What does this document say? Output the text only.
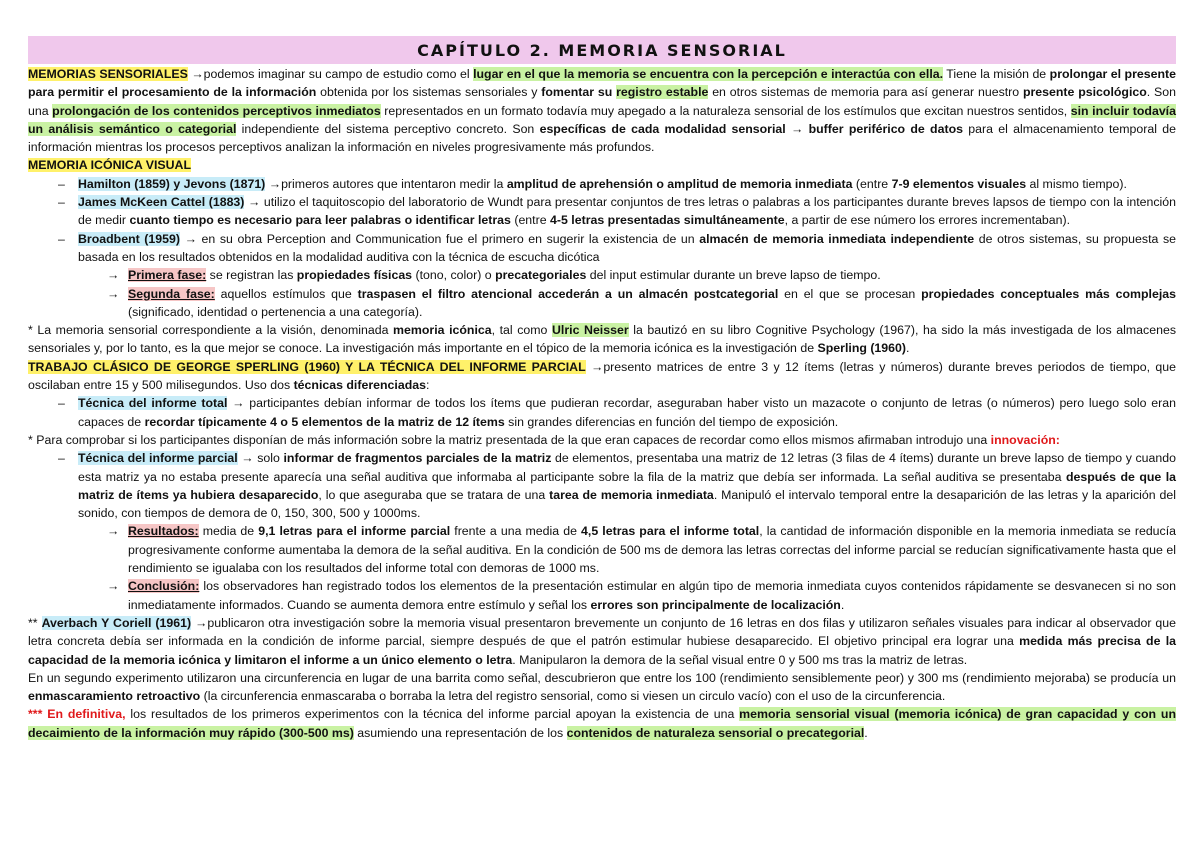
CAPÍTULO 2. MEMORIA SENSORIAL

MEMORIAS SENSORIALES →podemos imaginar su campo de estudio como el lugar en el que la memoria se encuentra con la percepción e interactúa con ella. Tiene la misión de prolongar el presente para permitir el procesamiento de la información obtenida por los sistemas sensoriales y fomentar su registro estable en otros sistemas de memoria para así generar nuestro presente psicológico. Son una prolongación de los contenidos perceptivos inmediatos representados en un formato todavía muy apegado a la naturaleza sensorial de los estímulos que excitan nuestros sentidos, sin incluir todavía un análisis semántico o categorial independiente del sistema perceptivo concreto. Son específicas de cada modalidad sensorial → buffer periférico de datos para el almacenamiento temporal de información mientras los procesos perceptivos analizan la información en niveles progresivamente más profundos.

MEMORIA ICÓNICA VISUAL

– Hamilton (1859) y Jevons (1871) →primeros autores que intentaron medir la amplitud de aprehensión o amplitud de memoria inmediata (entre 7-9 elementos visuales al mismo tiempo).

– James McKeen Cattel (1883) → utilizo el taquitoscopio del laboratorio de Wundt para presentar conjuntos de tres letras o palabras a los participantes durante breves lapsos de tiempo con la intención de medir cuanto tiempo es necesario para leer palabras o identificar letras (entre 4-5 letras presentadas simultáneamente, a partir de ese número los errores incrementaban).

– Broadbent (1959) → en su obra Perception and Communication fue el primero en sugerir la existencia de un almacén de memoria inmediata independiente de otros sistemas, su propuesta se basada en los resultados obtenidos en la modalidad auditiva con la técnica de escucha dicótica

→ Primera fase: se registran las propiedades físicas (tono, color) o precategoriales del input estimular durante un breve lapso de tiempo.

→ Segunda fase: aquellos estímulos que traspasen el filtro atencional accederán a un almacén postcategorial en el que se procesan propiedades conceptuales más complejas (significado, identidad o pertenencia a una categoría).

* La memoria sensorial correspondiente a la visión, denominada memoria icónica, tal como Ulric Neisser la bautizó en su libro Cognitive Psychology (1967), ha sido la más investigada de los almacenes sensoriales y, por lo tanto, es la que mejor se conoce. La investigación más importante en el tópico de la memoria icónica es la investigación de Sperling (1960).

TRABAJO CLÁSICO DE GEORGE SPERLING (1960) Y LA TÉCNICA DEL INFORME PARCIAL →presento matrices de entre 3 y 12 ítems (letras y números) durante breves periodos de tiempo, que oscilaban entre 15 y 500 milisegundos. Uso dos técnicas diferenciadas:

– Técnica del informe total → participantes debían informar de todos los ítems que pudieran recordar, aseguraban haber visto un mazacote o conjunto de letras (o números) pero luego solo eran capaces de recordar típicamente 4 o 5 elementos de la matriz de 12 ítems sin grandes diferencias en función del tiempo de exposición.

* Para comprobar si los participantes disponían de más información sobre la matriz presentada de la que eran capaces de recordar como ellos mismos afirmaban introdujo una innovación:

– Técnica del informe parcial → solo informar de fragmentos parciales de la matriz de elementos, presentaba una matriz de 12 letras (3 filas de 4 ítems) durante un breve lapso de tiempo y cuando esta matriz ya no estaba presente aparecía una señal auditiva que informaba al participante sobre la fila de la matriz que debía ser informada. La señal auditiva se presentaba después de que la matriz de ítems ya hubiera desaparecido, lo que aseguraba que se tratara de una tarea de memoria inmediata. Manipuló el intervalo temporal entre la desaparición de las letras y la aparición del sonido, con tiempos de demora de 0, 150, 300, 500 y 1000ms.

→ Resultados: media de 9,1 letras para el informe parcial frente a una media de 4,5 letras para el informe total, la cantidad de información disponible en la memoria inmediata se reducía progresivamente conforme aumentaba la demora de la señal auditiva. En la condición de 500 ms de demora las letras correctas del informe parcial se reducían significativamente hasta que el rendimiento se igualaba con los resultados del informe total con demoras de 1000 ms.

→ Conclusión: los observadores han registrado todos los elementos de la presentación estimular en algún tipo de memoria inmediata cuyos contenidos rápidamente se desvanecen si no son inmediatamente informados. Cuando se aumenta demora entre estímulo y señal los errores son principalmente de localización.

** Averbach Y Coriell (1961) →publicaron otra investigación sobre la memoria visual presentaron brevemente un conjunto de 16 letras en dos filas y utilizaron señales visuales para indicar al observador que letra concreta debía ser informada en la condición de informe parcial, siempre después de que el patrón estimular hubiese desaparecido. El objetivo principal era lograr una medida más precisa de la capacidad de la memoria icónica y limitaron el informe a un único elemento o letra. Manipularon la demora de la señal visual entre 0 y 500 ms tras la matriz de letras.

En un segundo experimento utilizaron una circunferencia en lugar de una barrita como señal, descubrieron que entre los 100 (rendimiento sensiblemente peor) y 300 ms (rendimiento mejoraba) se producía un enmascaramiento retroactivo (la circunferencia enmascaraba o borraba la letra del registro sensorial, como si viesen un circulo vacío) con el uso de la circunferencia.

*** En definitiva, los resultados de los primeros experimentos con la técnica del informe parcial apoyan la existencia de una memoria sensorial visual (memoria icónica) de gran capacidad y con un decaimiento de la información muy rápido (300-500 ms) asumiendo una representación de los contenidos de naturaleza sensorial o precategorial.
